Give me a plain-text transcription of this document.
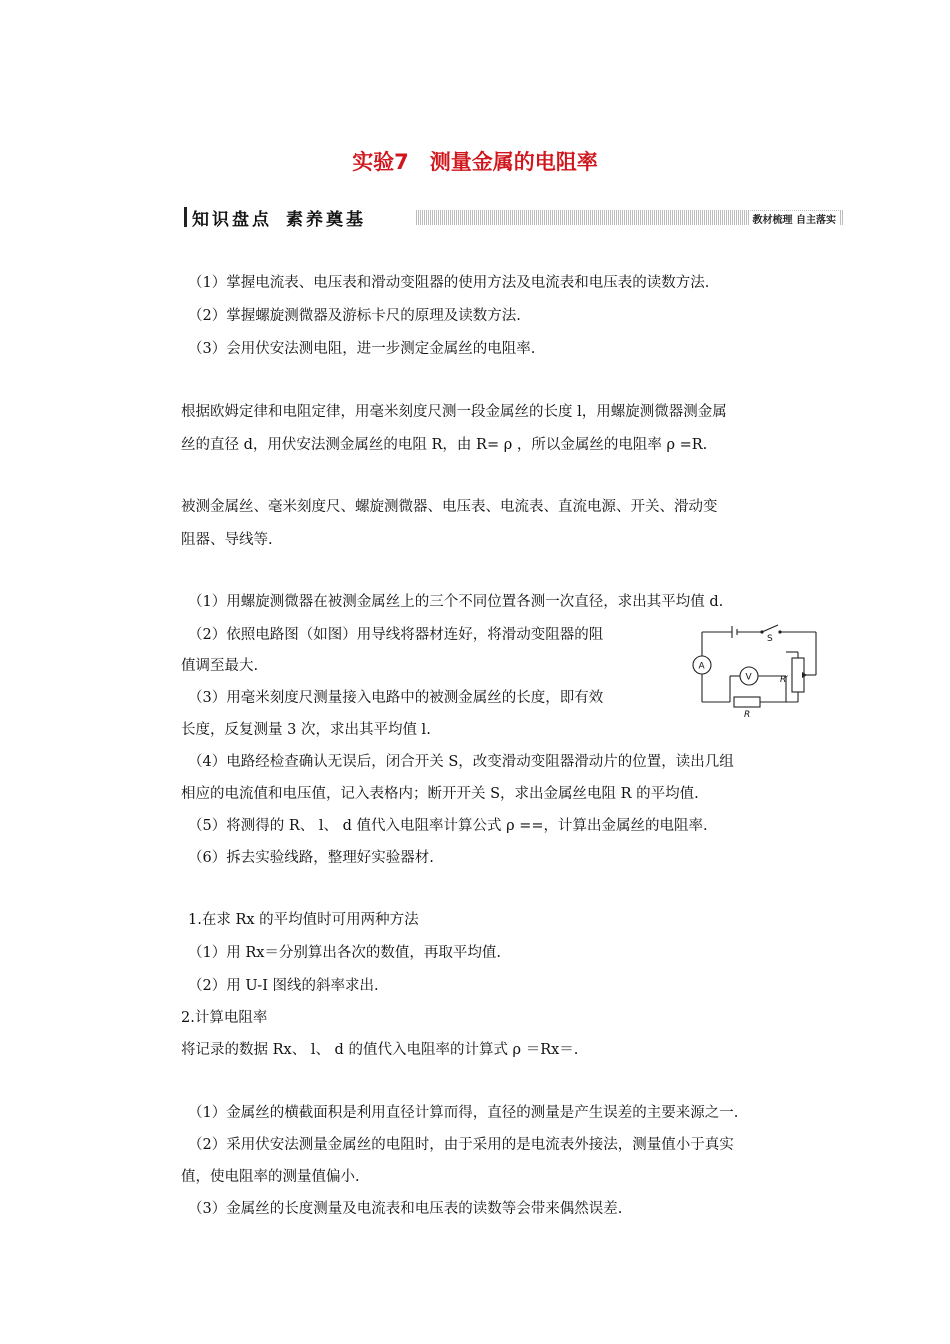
实验7　测量金属的电阻率
知识盘点 素养奠基	教材梳理 自主落实
（1）掌握电流表、电压表和滑动变阻器的使用方法及电流表和电压表的读数方法.
（2）掌握螺旋测微器及游标卡尺的原理及读数方法.
（3）会用伏安法测电阻，进一步测定金属丝的电阻率.
根据欧姆定律和电阻定律，用毫米刻度尺测一段金属丝的长度 l，用螺旋测微器测金属
丝的直径 d，用伏安法测金属丝的电阻 R，由 R= ρ ，所以金属丝的电阻率 ρ =R.
被测金属丝、毫米刻度尺、螺旋测微器、电压表、电流表、直流电源、开关、滑动变
阻器、导线等.
（1）用螺旋测微器在被测金属丝上的三个不同位置各测一次直径，求出其平均值 d.
（2）依照电路图（如图）用导线将器材连好，将滑动变阻器的阻
值调至最大.
（3）用毫米刻度尺测量接入电路中的被测金属丝的长度，即有效
长度，反复测量 3 次，求出其平均值 l.
（4）电路经检查确认无误后，闭合开关 S，改变滑动变阻器滑动片的位置，读出几组
相应的电流值和电压值，记入表格内；断开开关 S，求出金属丝电阻 R 的平均值.
（5）将测得的 R、 l、 d 值代入电阻率计算公式 ρ ==，计算出金属丝的电阻率.
（6）拆去实验线路，整理好实验器材.
S
A
V	R′
R
1.在求 Rx 的平均值时可用两种方法
（1）用 Rx＝分别算出各次的数值，再取平均值.
（2）用 U-I 图线的斜率求出.
2.计算电阻率
将记录的数据 Rx、 l、 d 的值代入电阻率的计算式 ρ ＝Rx＝.
（1）金属丝的横截面积是利用直径计算而得，直径的测量是产生误差的主要来源之一.
（2）采用伏安法测量金属丝的电阻时，由于采用的是电流表外接法，测量值小于真实
值，使电阻率的测量值偏小.
（3）金属丝的长度测量及电流表和电压表的读数等会带来偶然误差.
